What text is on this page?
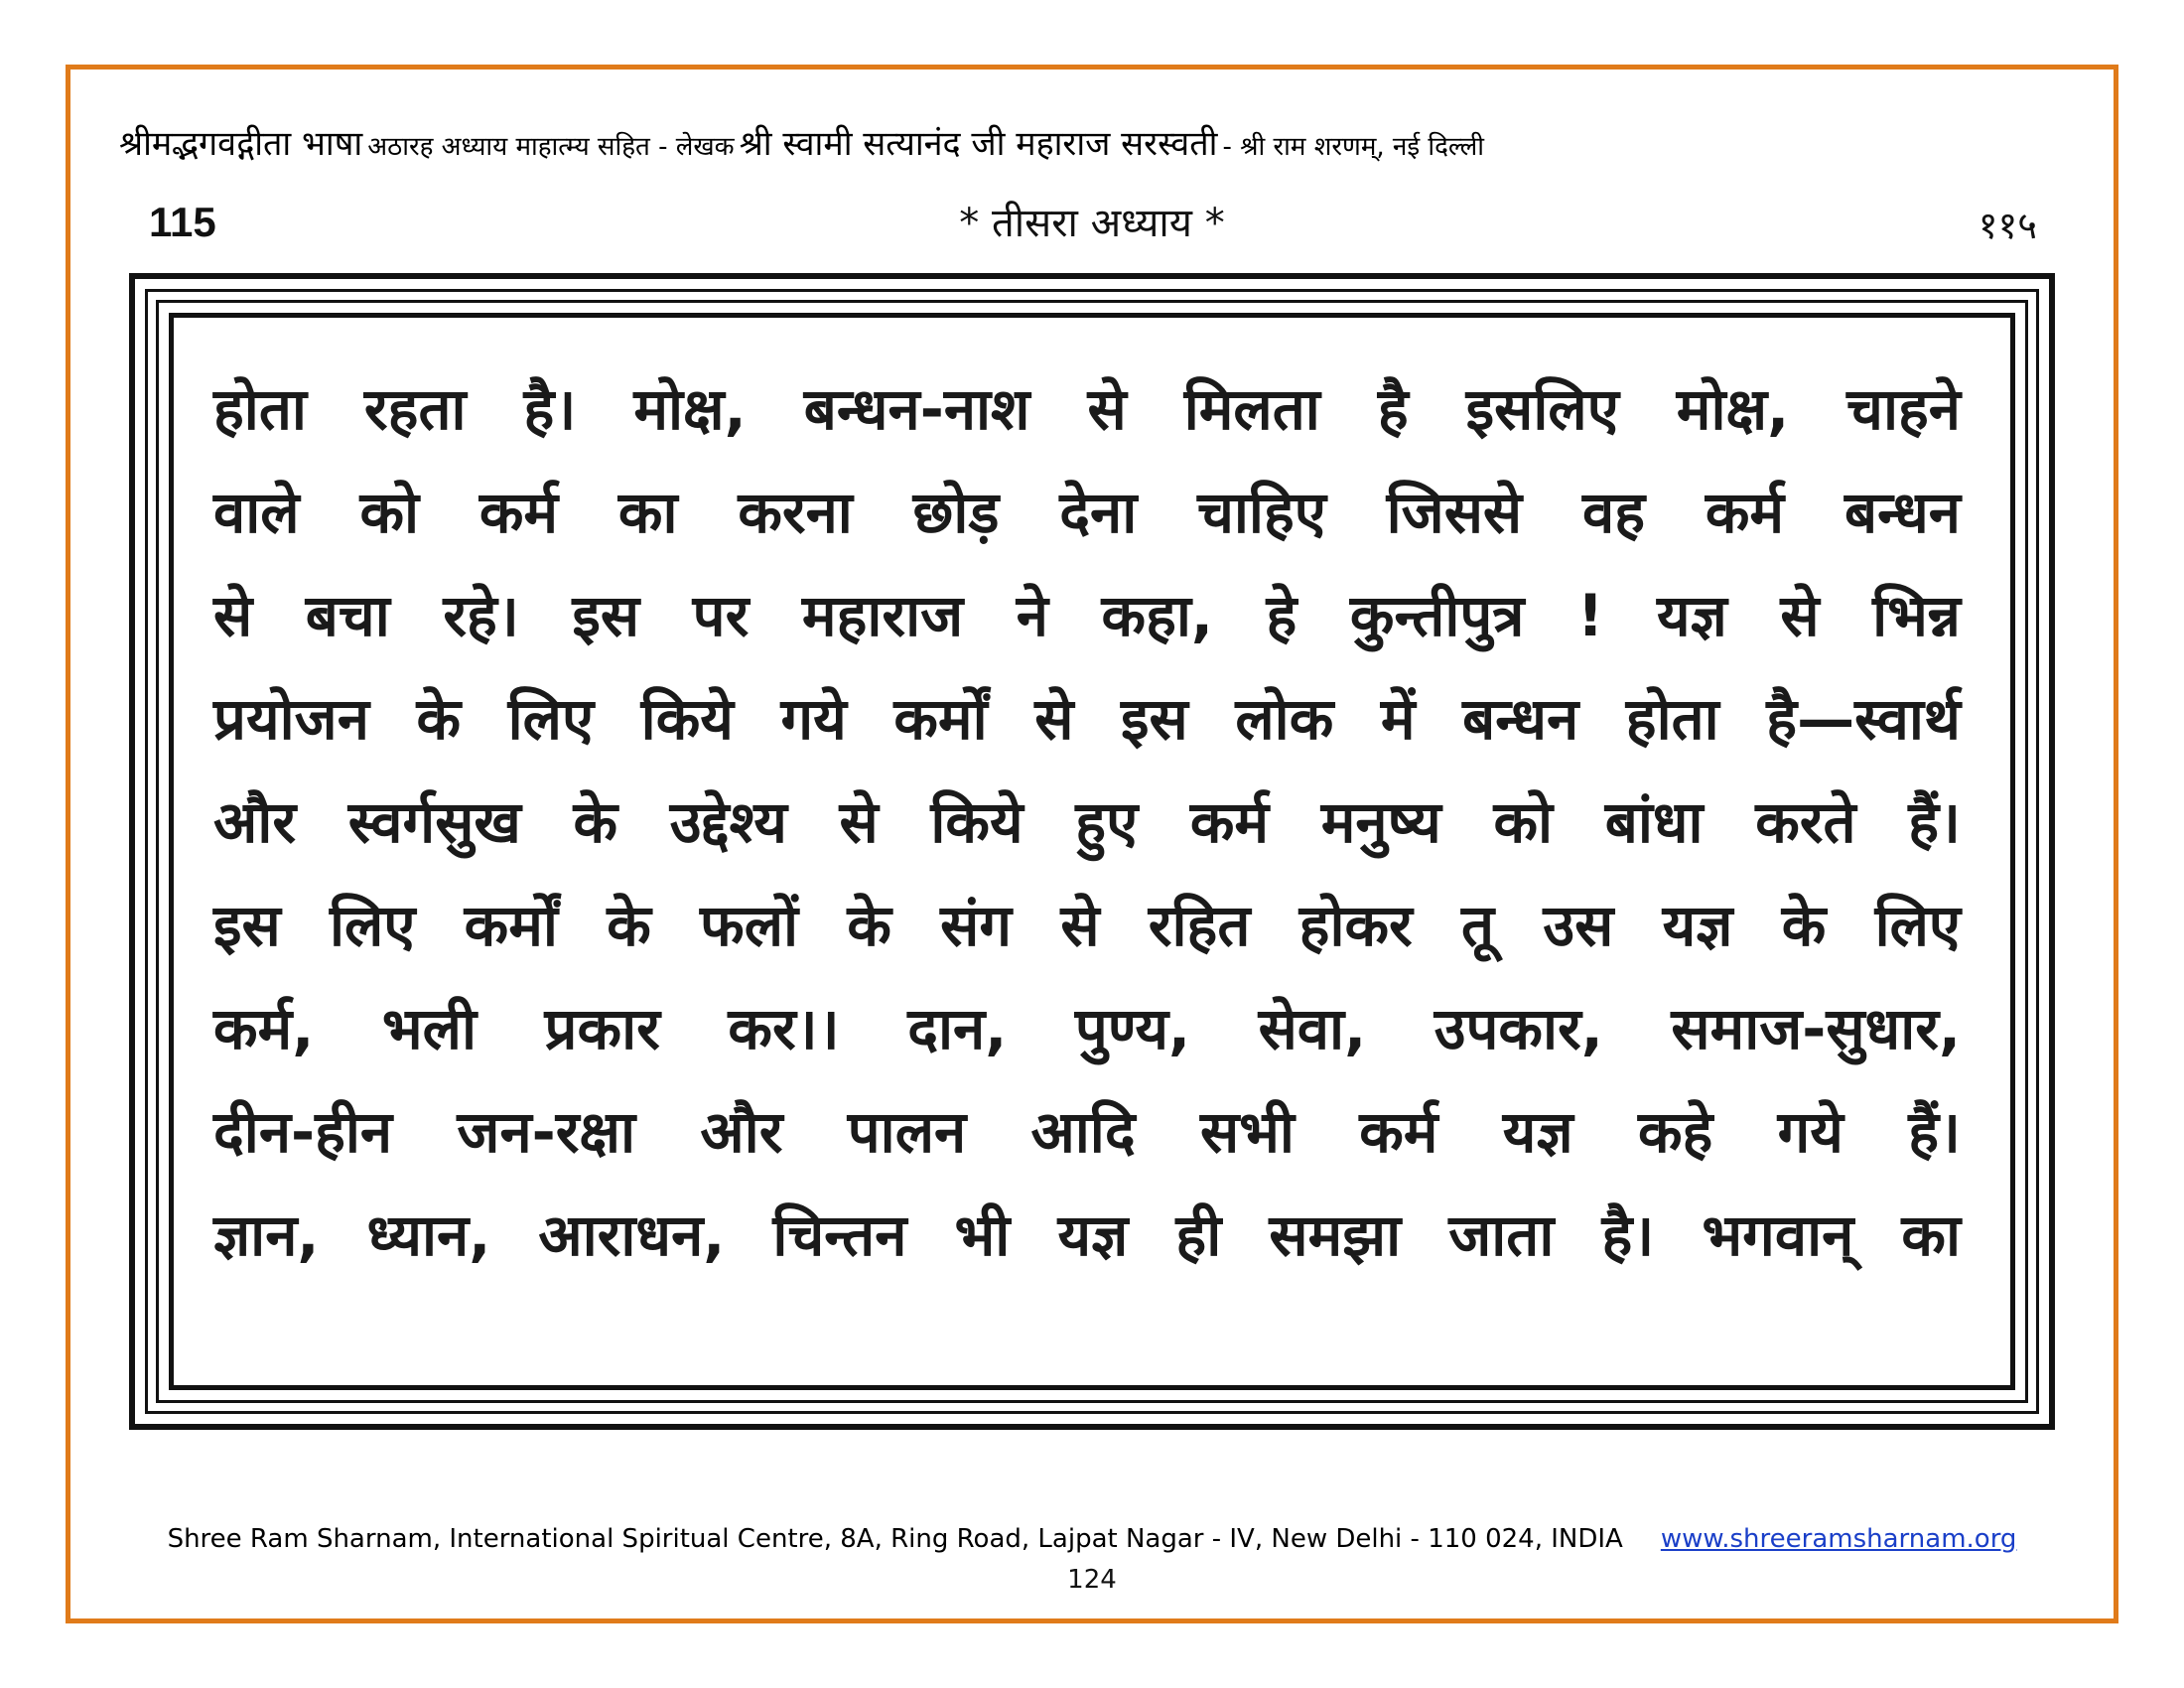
श्रीमद्भगवद्गीता भाषा अठारह अध्याय माहात्म्य सहित - लेखक श्री स्वामी सत्यानंद जी महाराज सरस्वती - श्री राम शरणम्, नई दिल्ली
115	* तीसरा अध्याय *	११५
होता रहता है। मोक्ष, बन्धन-नाश से मिलता है इसलिए मोक्ष, चाहने
वाले को कर्म का करना छोड़ देना चाहिए जिससे वह कर्म बन्धन
से बचा रहे। इस पर महाराज ने कहा, हे कुन्तीपुत्र ! यज्ञ से भिन्न
प्रयोजन के लिए किये गये कर्मों से इस लोक में बन्धन होता है—स्वार्थ
और स्वर्गसुख के उद्देश्य से किये हुए कर्म मनुष्य को बांधा करते हैं।
इस लिए कर्मों के फलों के संग से रहित होकर तू उस यज्ञ के लिए
कर्म, भली प्रकार कर।। दान, पुण्य, सेवा, उपकार, समाज-सुधार,
दीन-हीन जन-रक्षा और पालन आदि सभी कर्म यज्ञ कहे गये हैं।
ज्ञान, ध्यान, आराधन, चिन्तन भी यज्ञ ही समझा जाता है। भगवान् का
Shree Ram Sharnam, International Spiritual Centre, 8A, Ring Road, Lajpat Nagar - IV, New Delhi - 110 024, INDIA www.shreeramsharnam.org
124
